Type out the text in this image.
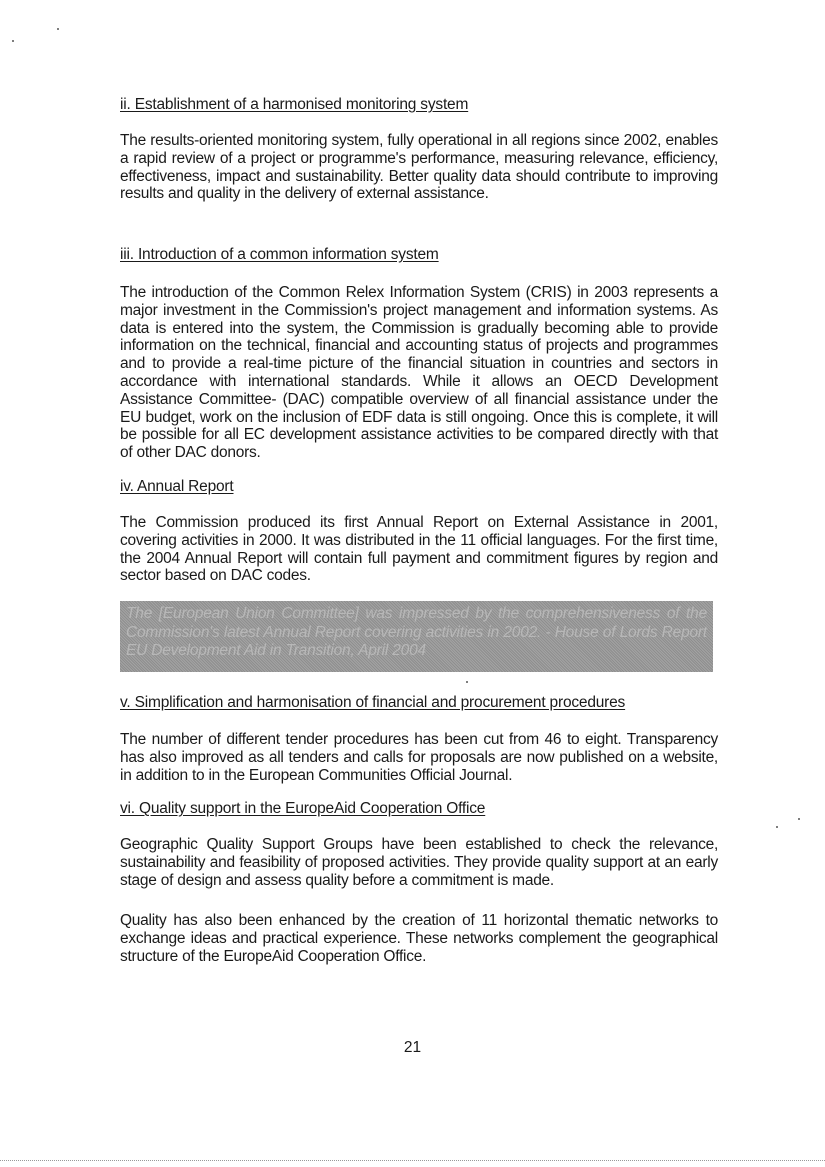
ii. Establishment of a harmonised monitoring system

The results-oriented monitoring system, fully operational in all regions since 2002, enables a rapid review of a project or programme's performance, measuring relevance, efficiency, effectiveness, impact and sustainability. Better quality data should contribute to improving results and quality in the delivery of external assistance.

iii. Introduction of a common information system

The introduction of the Common Relex Information System (CRIS) in 2003 represents a major investment in the Commission's project management and information systems. As data is entered into the system, the Commission is gradually becoming able to provide information on the technical, financial and accounting status of projects and programmes and to provide a real-time picture of the financial situation in countries and sectors in accordance with international standards. While it allows an OECD Development Assistance Committee- (DAC) compatible overview of all financial assistance under the EU budget, work on the inclusion of EDF data is still ongoing. Once this is complete, it will be possible for all EC development assistance activities to be compared directly with that of other DAC donors.

iv. Annual Report

The Commission produced its first Annual Report on External Assistance in 2001, covering activities in 2000. It was distributed in the 11 official languages. For the first time, the 2004 Annual Report will contain full payment and commitment figures by region and sector based on DAC codes.

The [European Union Committee] was impressed by the comprehensiveness of the Commission's latest Annual Report covering activities in 2002. - House of Lords Report EU Development Aid in Transition, April 2004

v. Simplification and harmonisation of financial and procurement procedures

The number of different tender procedures has been cut from 46 to eight. Transparency has also improved as all tenders and calls for proposals are now published on a website, in addition to in the European Communities Official Journal.

vi. Quality support in the EuropeAid Cooperation Office

Geographic Quality Support Groups have been established to check the relevance, sustainability and feasibility of proposed activities. They provide quality support at an early stage of design and assess quality before a commitment is made.

Quality has also been enhanced by the creation of 11 horizontal thematic networks to exchange ideas and practical experience. These networks complement the geographical structure of the EuropeAid Cooperation Office.

21
